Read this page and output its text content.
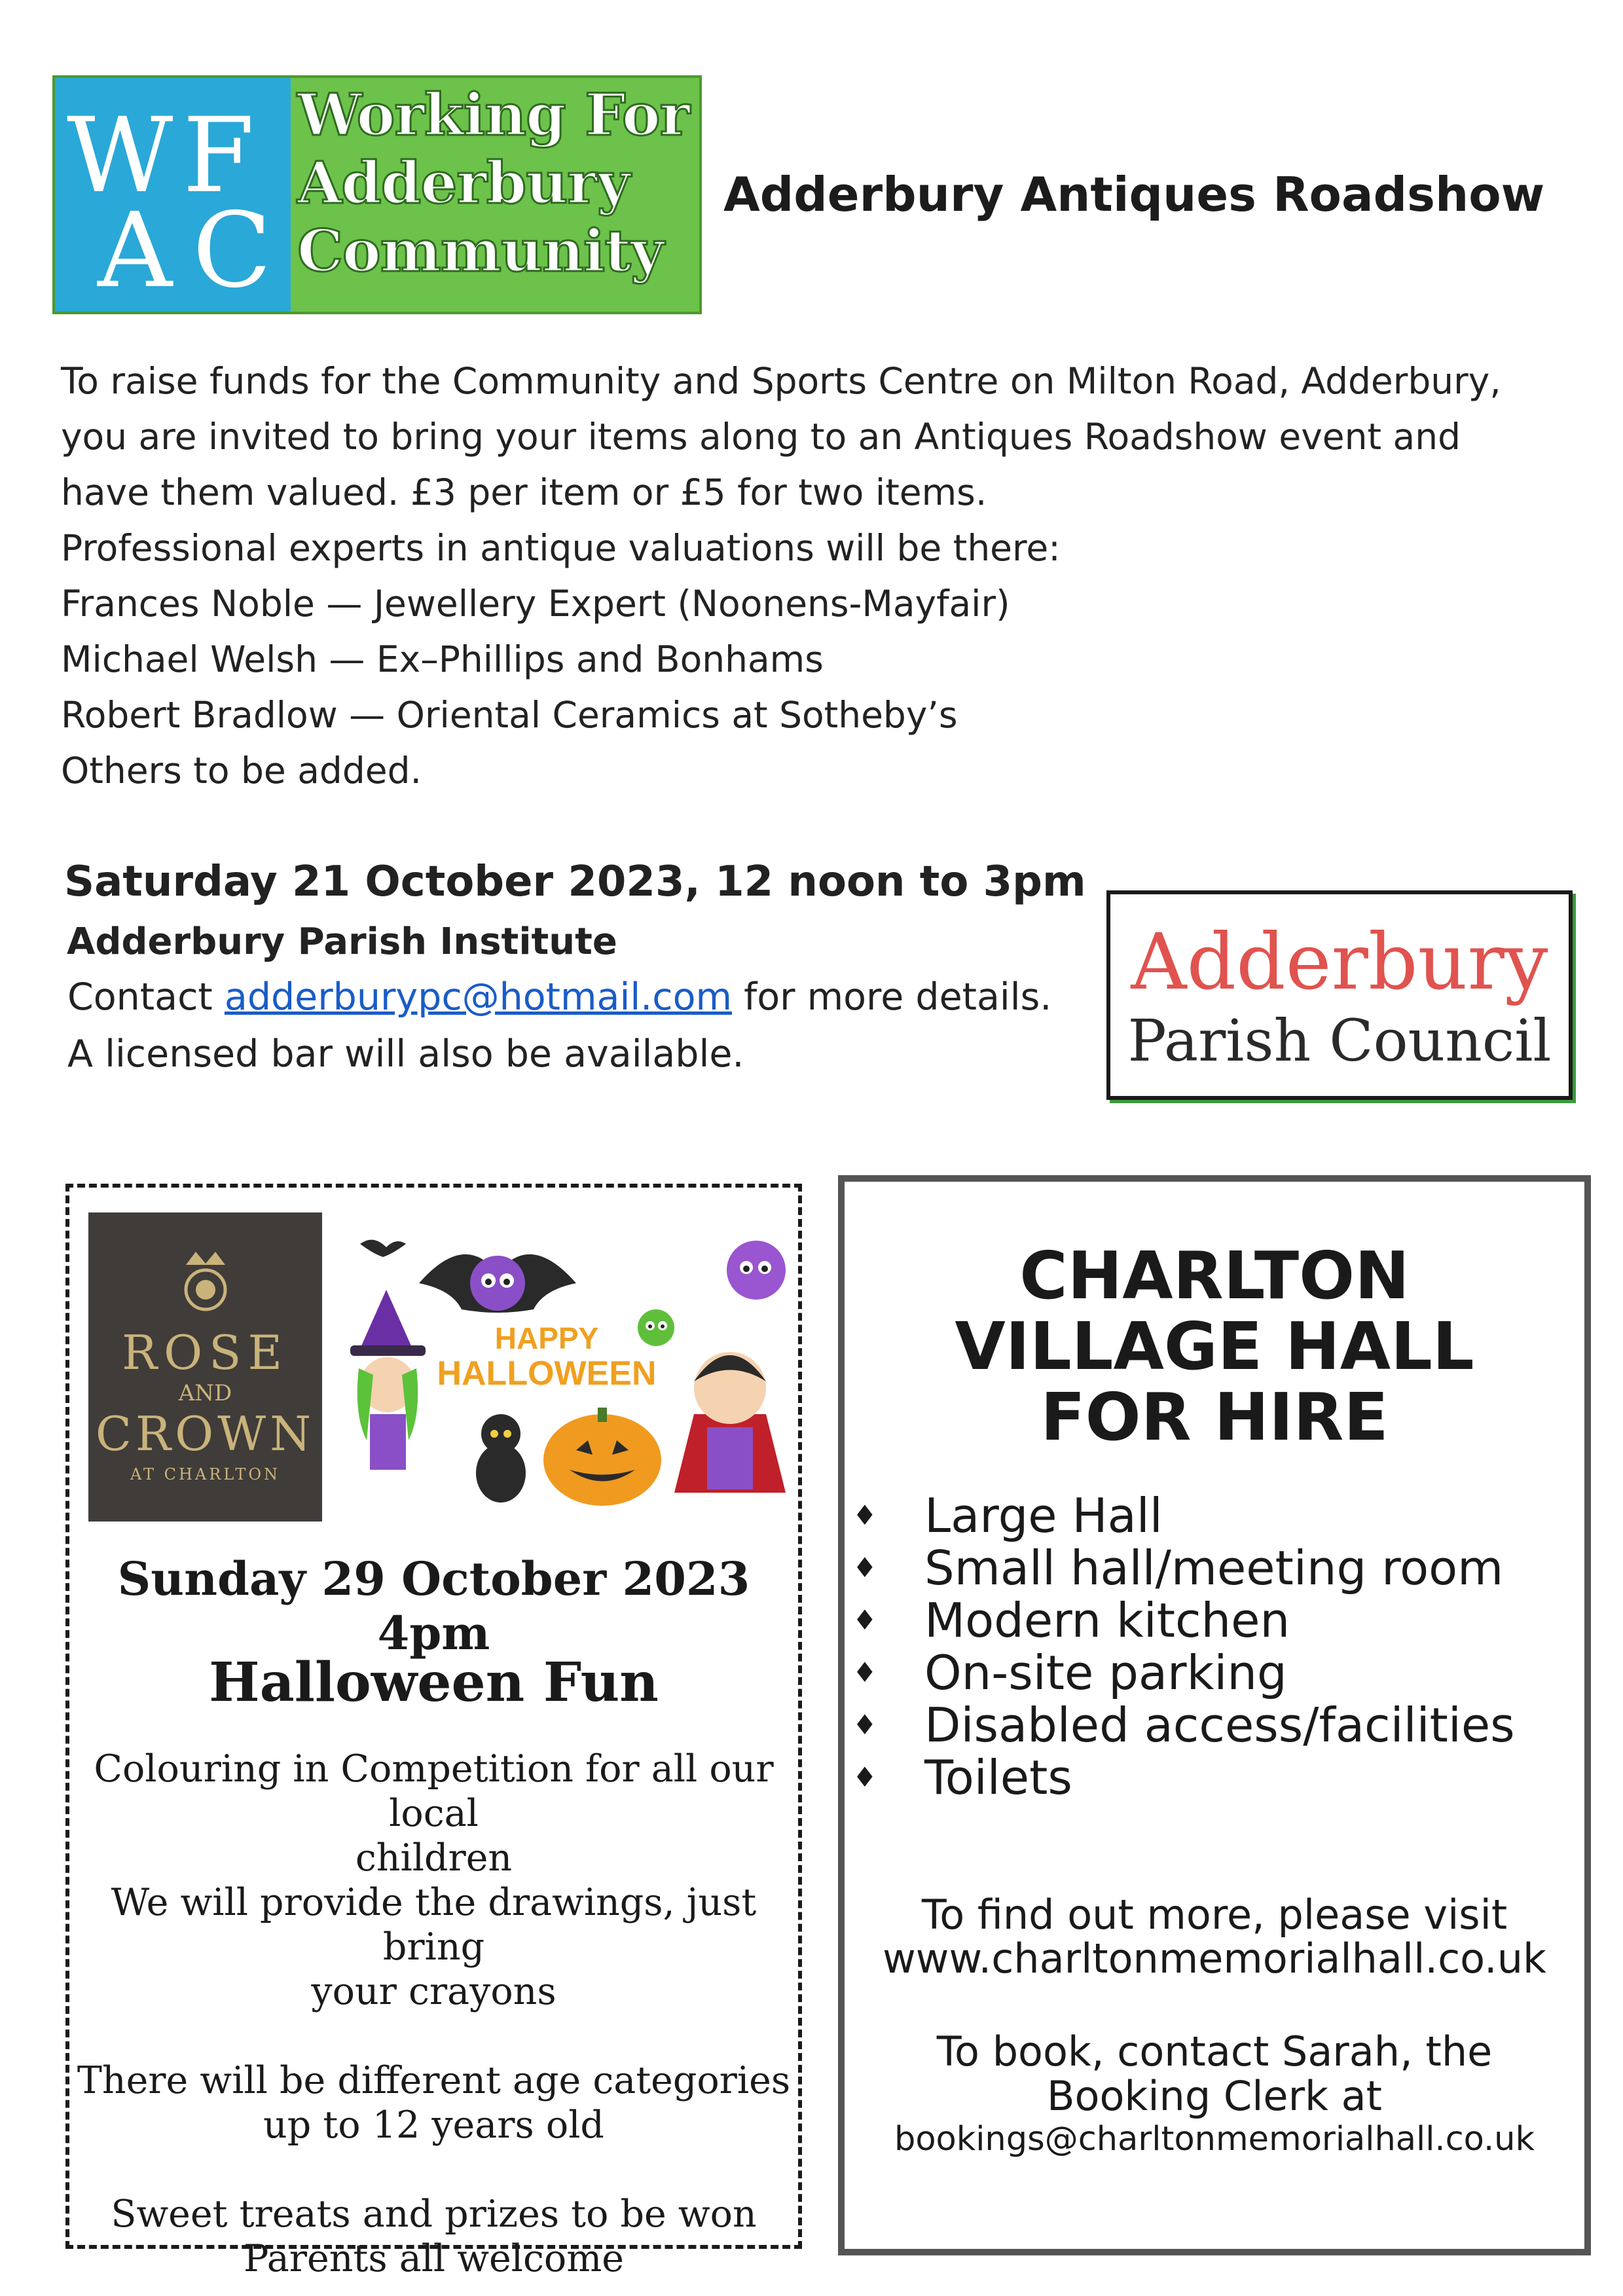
W F
A C
Working For
Adderbury
Community
Adderbury Antiques Roadshow
To raise funds for the Community and Sports Centre on Milton Road, Adderbury,
you are invited to bring your items along to an Antiques Roadshow event and
have them valued. £3 per item or £5 for two items.
Professional experts in antique valuations will be there:
Frances Noble — Jewellery Expert (Noonens-Mayfair)
Michael Welsh — Ex–Phillips and Bonhams
Robert Bradlow — Oriental Ceramics at Sotheby’s
Others to be added.
Saturday 21 October 2023, 12 noon to 3pm
Adderbury Parish Institute
Contact adderburypc@hotmail.com for more details.
A licensed bar will also be available.
Adderbury
Parish Council
ROSE
AND
CROWN
AT CHARLTON
HAPPY
HALLOWEEN
Sunday 29 October 2023 4pm
Halloween Fun
Colouring in Competition for all our local
children
We will provide the drawings, just bring
your crayons
There will be different age categories
up to 12 years old
Sweet treats and prizes to be won
Parents all welcome
CHARLTON
VILLAGE HALL
FOR HIRE
♦ Large Hall
♦ Small hall/meeting room
♦ Modern kitchen
♦ On-site parking
♦ Disabled access/facilities
♦ Toilets
To find out more, please visit
www.charltonmemorialhall.co.uk
To book, contact Sarah, the
Booking Clerk at
bookings@charltonmemorialhall.co.uk
